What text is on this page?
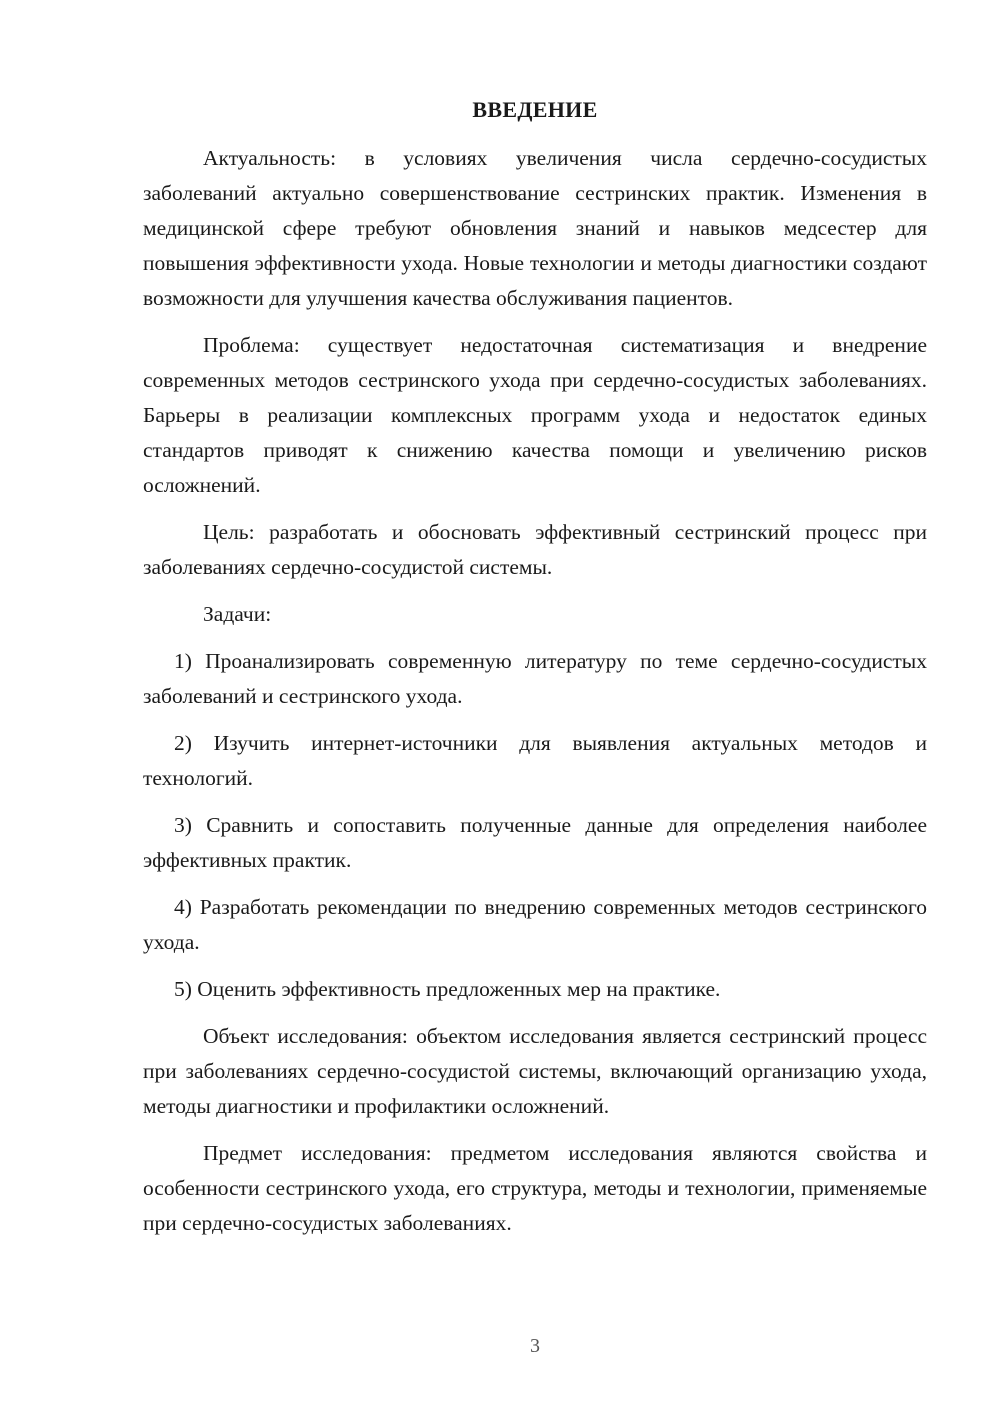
ВВЕДЕНИЕ

Актуальность: в условиях увеличения числа сердечно-сосудистых заболеваний актуально совершенствование сестринских практик. Изменения в медицинской сфере требуют обновления знаний и навыков медсестер для повышения эффективности ухода. Новые технологии и методы диагностики создают возможности для улучшения качества обслуживания пациентов.

Проблема: существует недостаточная систематизация и внедрение современных методов сестринского ухода при сердечно-сосудистых заболеваниях. Барьеры в реализации комплексных программ ухода и недостаток единых стандартов приводят к снижению качества помощи и увеличению рисков осложнений.

Цель: разработать и обосновать эффективный сестринский процесс при заболеваниях сердечно-сосудистой системы.

Задачи:

1) Проанализировать современную литературу по теме сердечно-сосудистых заболеваний и сестринского ухода.

2) Изучить интернет-источники для выявления актуальных методов и технологий.

3) Сравнить и сопоставить полученные данные для определения наиболее эффективных практик.

4) Разработать рекомендации по внедрению современных методов сестринского ухода.

5) Оценить эффективность предложенных мер на практике.

Объект исследования: объектом исследования является сестринский процесс при заболеваниях сердечно-сосудистой системы, включающий организацию ухода, методы диагностики и профилактики осложнений.

Предмет исследования: предметом исследования являются свойства и особенности сестринского ухода, его структура, методы и технологии, применяемые при сердечно-сосудистых заболеваниях.

3
